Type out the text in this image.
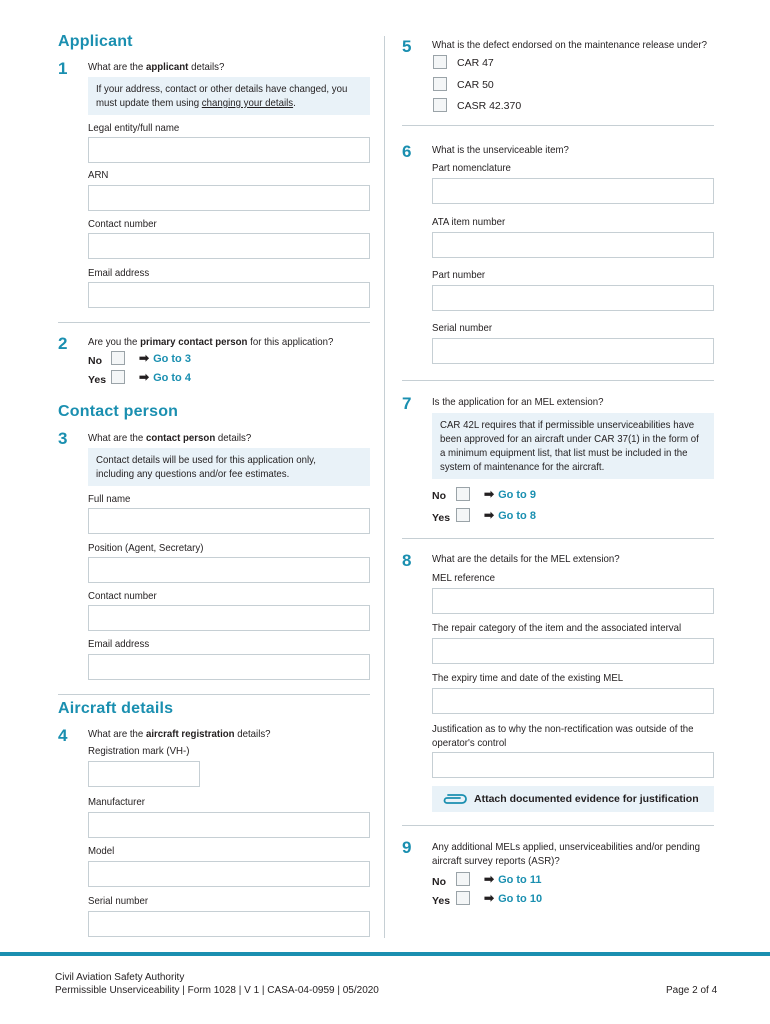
Applicant
1 What are the applicant details?
If your address, contact or other details have changed, you
must update them using changing your details.
Legal entity/full name
ARN
Contact number
Email address
2 Are you the primary contact person for this application?
No	➡ Go to 3
Yes	➡ Go to 4
Contact person
3 What are the contact person details?
Contact details will be used for this application only,
including any questions and/or fee estimates.
Full name
Position (Agent, Secretary)
Contact number
Email address
Aircraft details
4 What are the aircraft registration details?
Registration mark (VH-)
Manufacturer
Model
Serial number
5 What is the defect endorsed on the maintenance release under?
CAR 47
CAR 50
CASR 42.370
6 What is the unserviceable item?
Part nomenclature
ATA item number
Part number
Serial number
7 Is the application for an MEL extension?
CAR 42L requires that if permissible unserviceabilities have
been approved for an aircraft under CAR 37(1) in the form of
a minimum equipment list, that list must be included in the
system of maintenance for the aircraft.
No	➡ Go to 9
Yes	➡ Go to 8
8 What are the details for the MEL extension?
MEL reference
The repair category of the item and the associated interval
The expiry time and date of the existing MEL
Justification as to why the non-rectification was outside of the
operator's control
Attach documented evidence for justification
9 Any additional MELs applied, unserviceabilities and/or pending
aircraft survey reports (ASR)?
No	➡ Go to 11
Yes	➡ Go to 10
Civil Aviation Safety Authority
Permissible Unserviceability | Form 1028 | V 1 | CASA-04-0959 | 05/2020	Page 2 of 4
